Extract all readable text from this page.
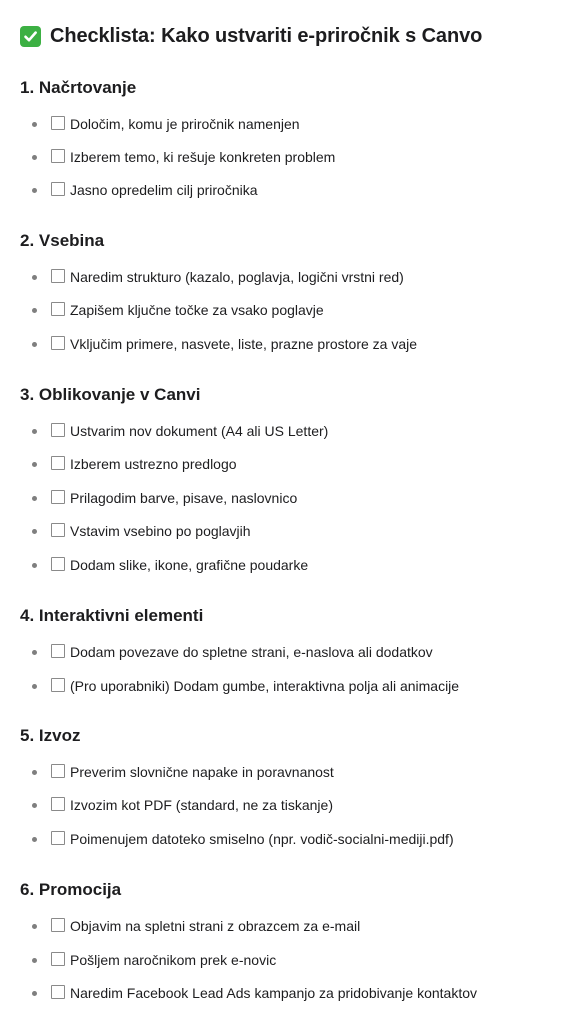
Checklista: Kako ustvariti e-priročnik s Canvo
1. Načrtovanje
Določim, komu je priročnik namenjen
Izberem temo, ki rešuje konkreten problem
Jasno opredelim cilj priročnika
2. Vsebina
Naredim strukturo (kazalo, poglavja, logični vrstni red)
Zapišem ključne točke za vsako poglavje
Vključim primere, nasvete, liste, prazne prostore za vaje
3. Oblikovanje v Canvi
Ustvarim nov dokument (A4 ali US Letter)
Izberem ustrezno predlogo
Prilagodim barve, pisave, naslovnico
Vstavim vsebino po poglavjih
Dodam slike, ikone, grafične poudarke
4. Interaktivni elementi
Dodam povezave do spletne strani, e-naslova ali dodatkov
(Pro uporabniki) Dodam gumbe, interaktivna polja ali animacije
5. Izvoz
Preverim slovnične napake in poravnanost
Izvozim kot PDF (standard, ne za tiskanje)
Poimenujem datoteko smiselno (npr. vodič-socialni-mediji.pdf)
6. Promocija
Objavim na spletni strani z obrazcem za e-mail
Pošljem naročnikom prek e-novic
Naredim Facebook Lead Ads kampanjo za pridobivanje kontaktov
